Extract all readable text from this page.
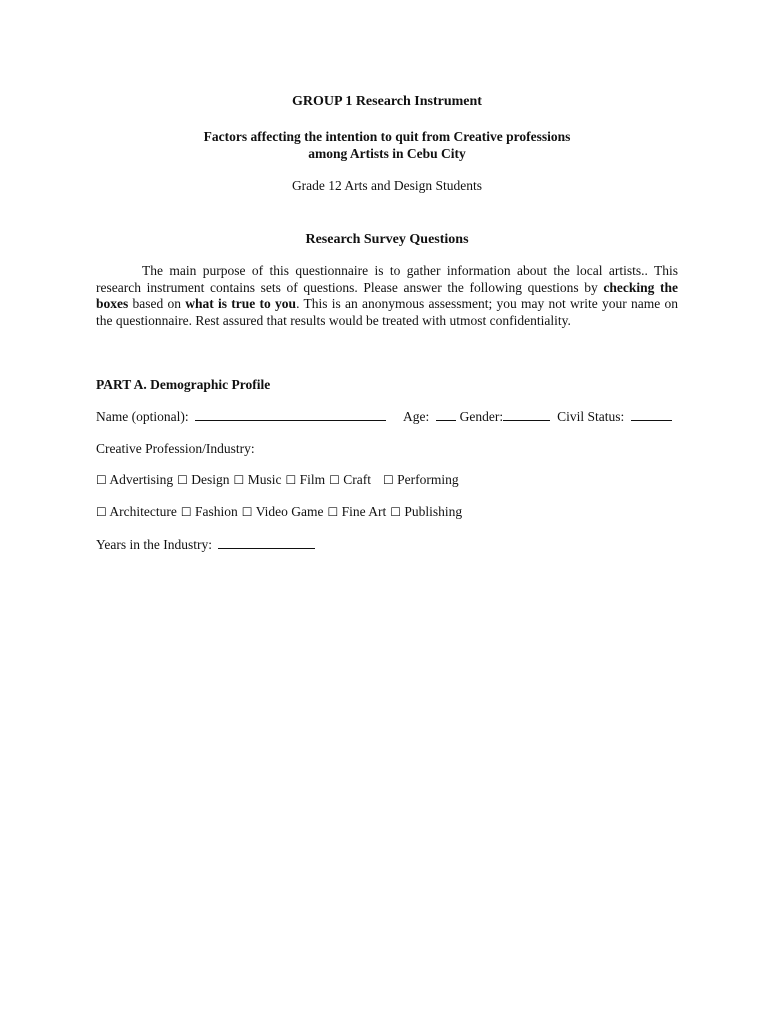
GROUP 1 Research Instrument

Factors affecting the intention to quit from Creative professions
among Artists in Cebu City

Grade 12 Arts and Design Students

Research Survey Questions

The main purpose of this questionnaire is to gather information about the local artists.. This research instrument contains sets of questions. Please answer the following questions by checking the boxes based on what is true to you. This is an anonymous assessment; you may not write your name on the questionnaire. Rest assured that results would be treated with utmost confidentiality.

PART A. Demographic Profile

Name (optional):	Age: Gender:	Civil Status:
Creative Profession/Industry:
☐ Advertising ☐ Design ☐ Music ☐ Film ☐ Craft ☐ Performing
☐ Architecture ☐ Fashion ☐ Video Game ☐ Fine Art ☐ Publishing
Years in the Industry:
